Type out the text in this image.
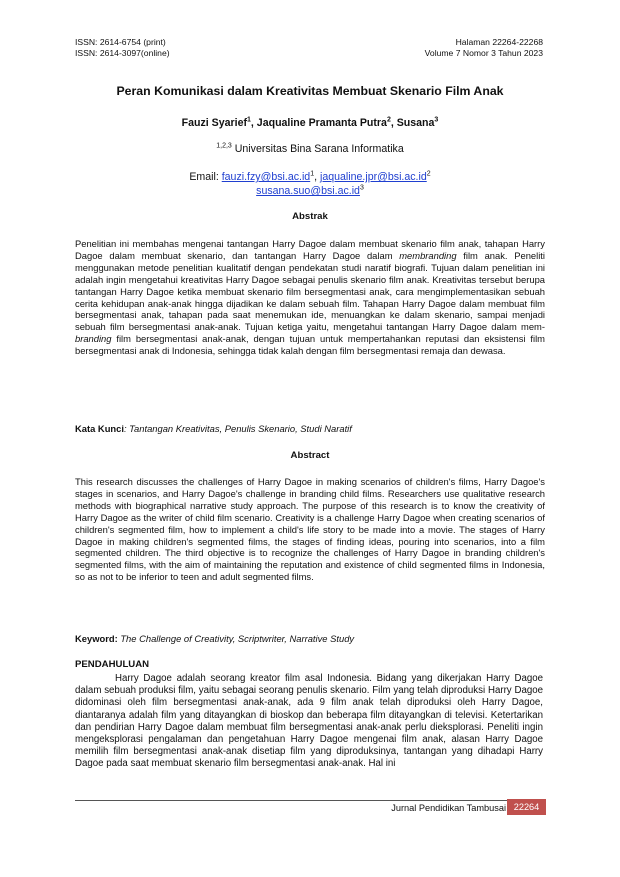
ISSN: 2614-6754 (print)
ISSN: 2614-3097(online)
Halaman 22264-22268
Volume 7 Nomor 3 Tahun 2023
Peran Komunikasi dalam Kreativitas Membuat Skenario Film Anak
Fauzi Syarief$^1$, Jaqualine Pramanta Putra$^2$, Susana$^3$
$^{1,2,3}$ Universitas Bina Sarana Informatika
Email: $fauzi.fzy@bsi.ac.id^1$, $jaqualine.jpr@bsi.ac.id^2$
$susana.suo@bsi.ac.id^3$
Abstrak

Penelitian ini membahas mengenai tantangan Harry Dagoe dalam membuat skenario film anak, tahapan Harry Dagoe dalam membuat skenario, dan tantangan Harry Dagoe dalam membranding film anak. Peneliti menggunakan metode penelitian kualitatif dengan pendekatan studi naratif biografi. Tujuan dalam penelitian ini adalah ingin mengetahui kreativitas Harry Dagoe sebagai penulis skenario film anak. Kreativitas tersebut berupa tantangan Harry Dagoe ketika membuat skenario film bersegmentasi anak, cara mengimplementasikan sebuah cerita kehidupan anak-anak hingga dijadikan ke dalam sebuah film. Tahapan Harry Dagoe dalam membuat film bersegmentasi anak, tahapan pada saat menemukan ide, menuangkan ke dalam skenario, sampai menjadi sebuah film bersegmentasi anak-anak. Tujuan ketiga yaitu, mengetahui tantangan Harry Dagoe dalam mem-branding film bersegmentasi anak-anak, dengan tujuan untuk mempertahankan reputasi dan eksistensi film bersegmentasi anak di Indonesia, sehingga tidak kalah dengan film bersegmentasi remaja dan dewasa.

Kata Kunci: Tantangan Kreativitas, Penulis Skenario, Studi Naratif
Abstract

This research discusses the challenges of Harry Dagoe in making scenarios of children's films, Harry Dagoe's stages in scenarios, and Harry Dagoe's challenge in branding child films. Researchers use qualitative research methods with biographical narrative study approach. The purpose of this research is to know the creativity of Harry Dagoe as the writer of child film scenario. Creativity is a challenge Harry Dagoe when creating scenarios of children's segmented film, how to implement a child's life story to be made into a movie. The stages of Harry Dagoe in making children's segmented films, the stages of finding ideas, pouring into scenarios, into a film segmented children. The third objective is to recognize the challenges of Harry Dagoe in branding children's segmented films, with the aim of maintaining the reputation and existence of child segmented films in Indonesia, so as not to be inferior to teen and adult segmented films.

Keyword: The Challenge of Creativity, Scriptwriter, Narrative Study
PENDAHULUAN

Harry Dagoe adalah seorang kreator film asal Indonesia. Bidang yang dikerjakan Harry Dagoe dalam sebuah produksi film, yaitu sebagai seorang penulis skenario. Film yang telah diproduksi Harry Dagoe didominasi oleh film bersegmentasi anak-anak, ada 9 film anak telah diproduksi oleh Harry Dagoe, diantaranya adalah film yang ditayangkan di bioskop dan beberapa film ditayangkan di televisi. Ketertarikan dan pendirian Harry Dagoe dalam membuat film bersegmentasi anak-anak perlu dieksplorasi. Peneliti ingin mengeksplorasi pengalaman dan pengetahuan Harry Dagoe mengenai film anak, alasan Harry Dagoe memilih film bersegmentasi anak-anak disetiap film yang diproduksinya, tantangan yang dihadapi Harry Dagoe pada saat membuat skenario film bersegmentasi anak-anak. Hal ini

Jurnal Pendidikan Tambusai 22264
